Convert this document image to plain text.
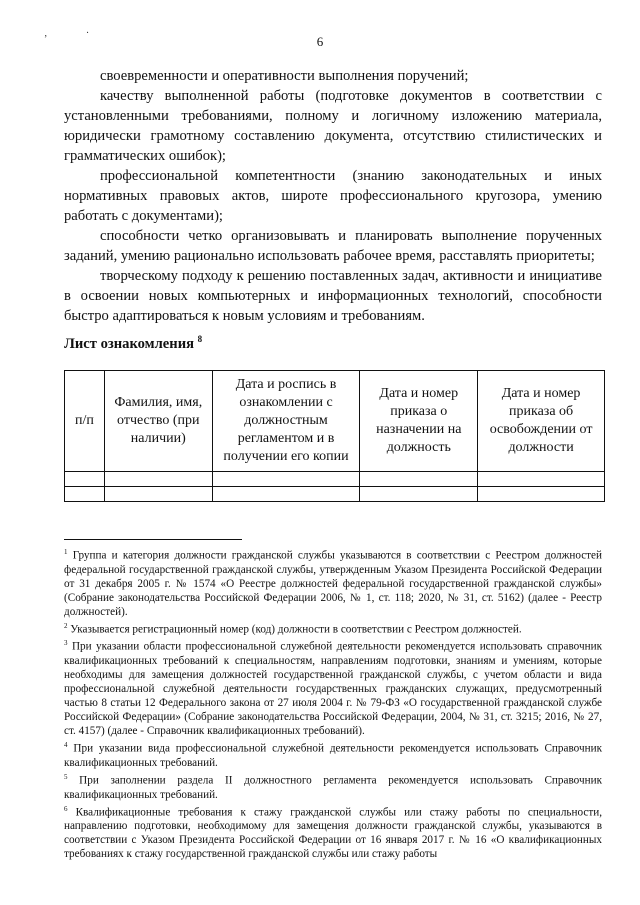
‚ ·
6

своевременности и оперативности выполнения поручений;

качеству выполненной работы (подготовке документов в соответствии с установленными требованиями, полному и логичному изложению материала, юридически грамотному составлению документа, отсутствию стилистических и грамматических ошибок);

профессиональной компетентности (знанию законодательных и иных нормативных правовых актов, широте профессионального кругозора, умению работать с документами);

способности четко организовывать и планировать выполнение порученных заданий, умению рационально использовать рабочее время, расставлять приоритеты;

творческому подходу к решению поставленных задач, активности и инициативе в освоении новых компьютерных и информационных технологий, способности быстро адаптироваться к новым условиям и требованиям.

Лист ознакомления $^8$
п/п	Фамилия, имя, отчество (при наличии)	Дата и роспись в ознакомлении с должностным регламентом и в получении его копии	Дата и номер приказа о назначении на должность	Дата и номер приказа об освобождении от должности

$^1$ Группа и категория должности гражданской службы указываются в соответствии с Реестром должностей федеральной государственной гражданской службы, утвержденным Указом Президента Российской Федерации от 31 декабря 2005 г. № 1574 «О Реестре должностей федеральной государственной гражданской службы» (Собрание законодательства Российской Федерации 2006, № 1, ст. 118; 2020, № 31, ст. 5162) (далее - Реестр должностей).

$^2$ Указывается регистрационный номер (код) должности в соответствии с Реестром должностей.

$^3$ При указании области профессиональной служебной деятельности рекомендуется использовать справочник квалификационных требований к специальностям, направлениям подготовки, знаниям и умениям, которые необходимы для замещения должностей государственной гражданской службы, с учетом области и вида профессиональной служебной деятельности государственных гражданских служащих, предусмотренный частью 8 статьи 12 Федерального закона от 27 июля 2004 г. № 79-ФЗ «О государственной гражданской службе Российской Федерации» (Собрание законодательства Российской Федерации, 2004, № 31, ст. 3215; 2016, № 27, ст. 4157) (далее - Справочник квалификационных требований).

$^4$ При указании вида профессиональной служебной деятельности рекомендуется использовать Справочник квалификационных требований.

$^5$ При заполнении раздела II должностного регламента рекомендуется использовать Справочник квалификационных требований.

$^6$ Квалификационные требования к стажу гражданской службы или стажу работы по специальности, направлению подготовки, необходимому для замещения должности гражданской службы, указываются в соответствии с Указом Президента Российской Федерации от 16 января 2017 г. № 16 «О квалификационных требованиях к стажу государственной гражданской службы или стажу работы
